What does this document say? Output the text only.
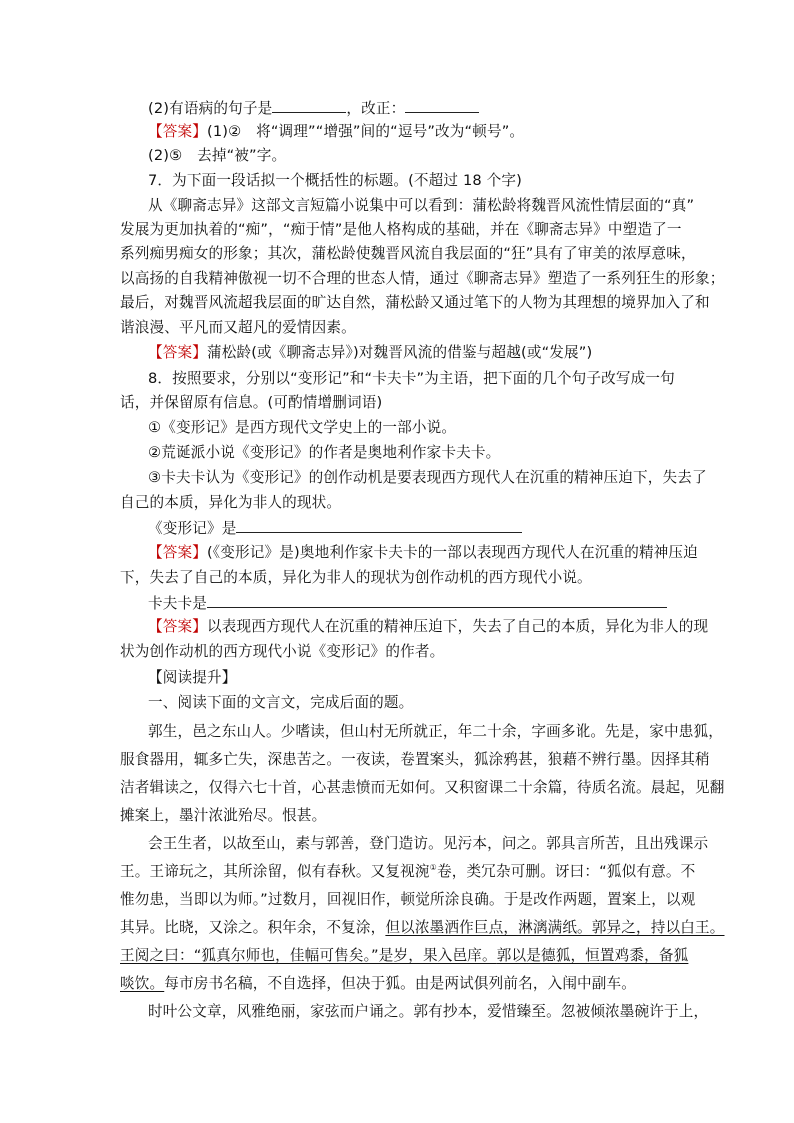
(2)有语病的句子是	，改正：
【答案】(1)②　将“调理”“增强”间的“逗号”改为“顿号”。
(2)⑤　去掉“被”字。
7．为下面一段话拟一个概括性的标题。(不超过 18 个字)
从《聊斋志异》这部文言短篇小说集中可以看到：蒲松龄将魏晋风流性情层面的“真”
发展为更加执着的“痴”，“痴于情”是他人格构成的基础，并在《聊斋志异》中塑造了一
系列痴男痴女的形象；其次，蒲松龄使魏晋风流自我层面的“狂”具有了审美的浓厚意味，
以高扬的自我精神傲视一切不合理的世态人情，通过《聊斋志异》塑造了一系列狂生的形象；
最后，对魏晋风流超我层面的旷达自然，蒲松龄又通过笔下的人物为其理想的境界加入了和
谐浪漫、平凡而又超凡的爱情因素。
【答案】蒲松龄(或《聊斋志异》)对魏晋风流的借鉴与超越(或“发展”)
8．按照要求，分别以“变形记”和“卡夫卡”为主语，把下面的几个句子改写成一句
话，并保留原有信息。(可酌情增删词语)
①《变形记》是西方现代文学史上的一部小说。
②荒诞派小说《变形记》的作者是奥地利作家卡夫卡。
③卡夫卡认为《变形记》的创作动机是要表现西方现代人在沉重的精神压迫下，失去了
自己的本质，异化为非人的现状。
《变形记》是
【答案】(《变形记》是)奥地利作家卡夫卡的一部以表现西方现代人在沉重的精神压迫
下，失去了自己的本质，异化为非人的现状为创作动机的西方现代小说。
卡夫卡是
【答案】以表现西方现代人在沉重的精神压迫下，失去了自己的本质，异化为非人的现
状为创作动机的西方现代小说《变形记》的作者。
【阅读提升】
一、阅读下面的文言文，完成后面的题。
郭生，邑之东山人。少嗜读，但山村无所就正，年二十余，字画多讹。先是，家中患狐，
服食器用，辄多亡失，深患苦之。一夜读，卷置案头，狐涂鸦甚，狼藉不辨行墨。因择其稍
洁者辑读之，仅得六七十首，心甚恚愤而无如何。又积窗课二十余篇，待质名流。晨起，见翻
摊案上，墨汁浓泚殆尽。恨甚。
会王生者，以故至山，素与郭善，登门造访。见污本，问之。郭具言所苦，且出残课示
王。王谛玩之，其所涂留，似有春秋。又复视涴①卷，类冗杂可删。讶曰：“狐似有意。不
惟勿患，当即以为师。”过数月，回视旧作，顿觉所涂良确。于是改作两题，置案上，以观
其异。比晓，又涂之。积年余，不复涂，但以浓墨洒作巨点，淋漓满纸。郭异之，持以白王。
王阅之曰：“狐真尔师也，佳幅可售矣。”是岁，果入邑庠。郭以是德狐，恒置鸡黍，备狐
啖饮。每市房书名稿，不自选择，但决于狐。由是两试俱列前名，入闱中副车。
时叶公文章，风雅绝丽，家弦而户诵之。郭有抄本，爱惜臻至。忽被倾浓墨碗许于上，
